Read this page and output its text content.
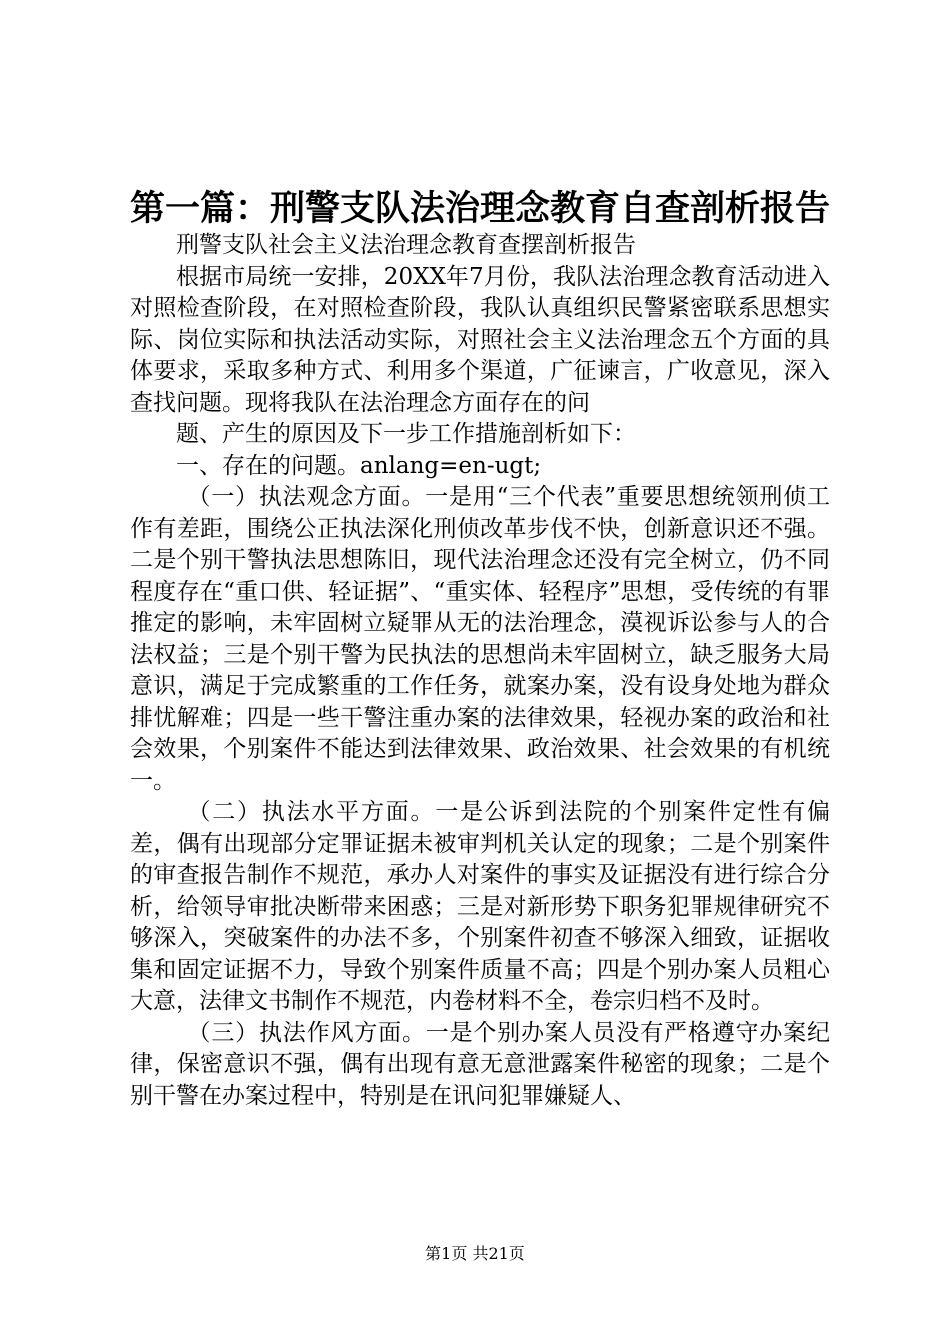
第一篇：刑警支队法治理念教育自查剖析报告

刑警支队社会主义法治理念教育查摆剖析报告

根据市局统一安排，20XX年7月份，我队法治理念教育活动进入对照检查阶段，在对照检查阶段，我队认真组织民警紧密联系思想实际、岗位实际和执法活动实际，对照社会主义法治理念五个方面的具体要求，采取多种方式、利用多个渠道，广征谏言，广收意见，深入查找问题。现将我队在法治理念方面存在的问

题、产生的原因及下一步工作措施剖析如下：

一、存在的问题。anlang=en-ugt;

（一）执法观念方面。一是用“三个代表”重要思想统领刑侦工作有差距，围绕公正执法深化刑侦改革步伐不快，创新意识还不强。二是个别干警执法思想陈旧，现代法治理念还没有完全树立，仍不同程度存在“重口供、轻证据”、“重实体、轻程序”思想，受传统的有罪推定的影响，未牢固树立疑罪从无的法治理念，漠视诉讼参与人的合法权益；三是个别干警为民执法的思想尚未牢固树立，缺乏服务大局意识，满足于完成繁重的工作任务，就案办案，没有设身处地为群众排忧解难；四是一些干警注重办案的法律效果，轻视办案的政治和社会效果，个别案件不能达到法律效果、政治效果、社会效果的有机统一。

（二）执法水平方面。一是公诉到法院的个别案件定性有偏差，偶有出现部分定罪证据未被审判机关认定的现象；二是个别案件的审查报告制作不规范，承办人对案件的事实及证据没有进行综合分析，给领导审批决断带来困惑；三是对新形势下职务犯罪规律研究不够深入，突破案件的办法不多，个别案件初查不够深入细致，证据收集和固定证据不力，导致个别案件质量不高；四是个别办案人员粗心大意，法律文书制作不规范，内卷材料不全，卷宗归档不及时。

（三）执法作风方面。一是个别办案人员没有严格遵守办案纪律，保密意识不强，偶有出现有意无意泄露案件秘密的现象；二是个别干警在办案过程中，特别是在讯问犯罪嫌疑人、

第1页 共21页
